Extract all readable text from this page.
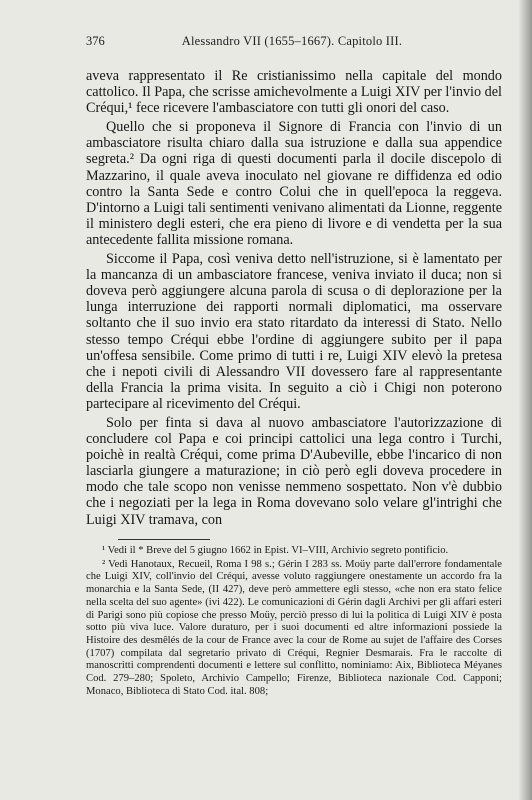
376	Alessandro VII (1655–1667). Capitolo III.

aveva rappresentato il Re cristianissimo nella capitale del mondo cattolico. Il Papa, che scrisse amichevolmente a Luigi XIV per l'invio del Créqui,¹ fece ricevere l'ambasciatore con tutti gli onori del caso.

Quello che si proponeva il Signore di Francia con l'invio di un ambasciatore risulta chiaro dalla sua istruzione e dalla sua appendice segreta.² Da ogni riga di questi documenti parla il docile discepolo di Mazzarino, il quale aveva inoculato nel giovane re diffidenza ed odio contro la Santa Sede e contro Colui che in quell'epoca la reggeva. D'intorno a Luigi tali sentimenti venivano alimentati da Lionne, reggente il ministero degli esteri, che era pieno di livore e di vendetta per la sua antecedente fallita missione romana.

Siccome il Papa, così veniva detto nell'istruzione, si è lamentato per la mancanza di un ambasciatore francese, veniva inviato il duca; non si doveva però aggiungere alcuna parola di scusa o di deplorazione per la lunga interruzione dei rapporti normali diplomatici, ma osservare soltanto che il suo invio era stato ritardato da interessi di Stato. Nello stesso tempo Créqui ebbe l'ordine di aggiungere subito per il papa un'offesa sensibile. Come primo di tutti i re, Luigi XIV elevò la pretesa che i nepoti civili di Alessandro VII dovessero fare al rappresentante della Francia la prima visita. In seguito a ciò i Chigi non poterono partecipare al ricevimento del Créqui.

Solo per finta si dava al nuovo ambasciatore l'autorizzazione di concludere col Papa e coi principi cattolici una lega contro i Turchi, poichè in realtà Créqui, come prima D'Aubeville, ebbe l'incarico di non lasciarla giungere a maturazione; in ciò però egli doveva procedere in modo che tale scopo non venisse nemmeno sospettato. Non v'è dubbio che i negoziati per la lega in Roma dovevano solo velare gl'intrighi che Luigi XIV tramava, con

¹ Vedi il * Breve del 5 giugno 1662 in Epist. VI–VIII, Archivio segreto pontificio.

² Vedi Hanotaux, Recueil, Roma I 98 s.; Gérin I 283 ss. Moüy parte dall'errore fondamentale che Luigi XIV, coll'invio del Créqui, avesse voluto raggiungere onestamente un accordo fra la monarchia e la Santa Sede, (II 427), deve però ammettere egli stesso, «che non era stato felice nella scelta del suo agente» (ivi 422). Le comunicazioni di Gérin dagli Archivi per gli affari esteri di Parigi sono più copiose che presso Moüy, perciò presso di lui la politica di Luigi XIV è posta sotto più viva luce. Valore duraturo, per i suoi documenti ed altre informazioni possiede la Histoire des desmêlés de la cour de France avec la cour de Rome au sujet de l'affaire des Corses (1707) compilata dal segretario privato di Créqui, Regnier Desmarais. Fra le raccolte di manoscritti comprendenti documenti e lettere sul conflitto, nominiamo: Aix, Biblioteca Méyanes Cod. 279–280; Spoleto, Archivio Campello; Firenze, Biblioteca nazionale Cod. Capponi; Monaco, Biblioteca di Stato Cod. ital. 808;
